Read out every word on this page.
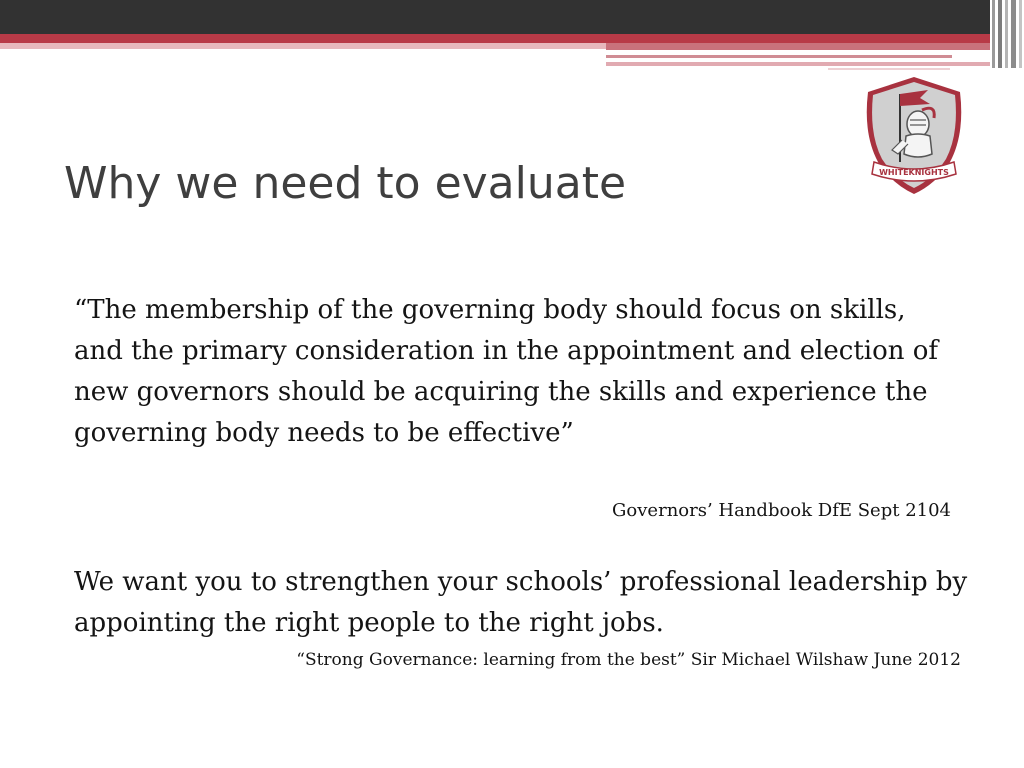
WHITEKNIGHTS
Why we need to evaluate

“The membership of the governing body should focus on skills, and the primary consideration in the appointment and election of new governors should be acquiring the skills and experience the governing body needs to be effective”

Governors’ Handbook DfE Sept 2104

We want you to strengthen your schools’ professional leadership by appointing the right people to the right jobs.

“Strong Governance: learning from the best” Sir Michael Wilshaw June 2012
